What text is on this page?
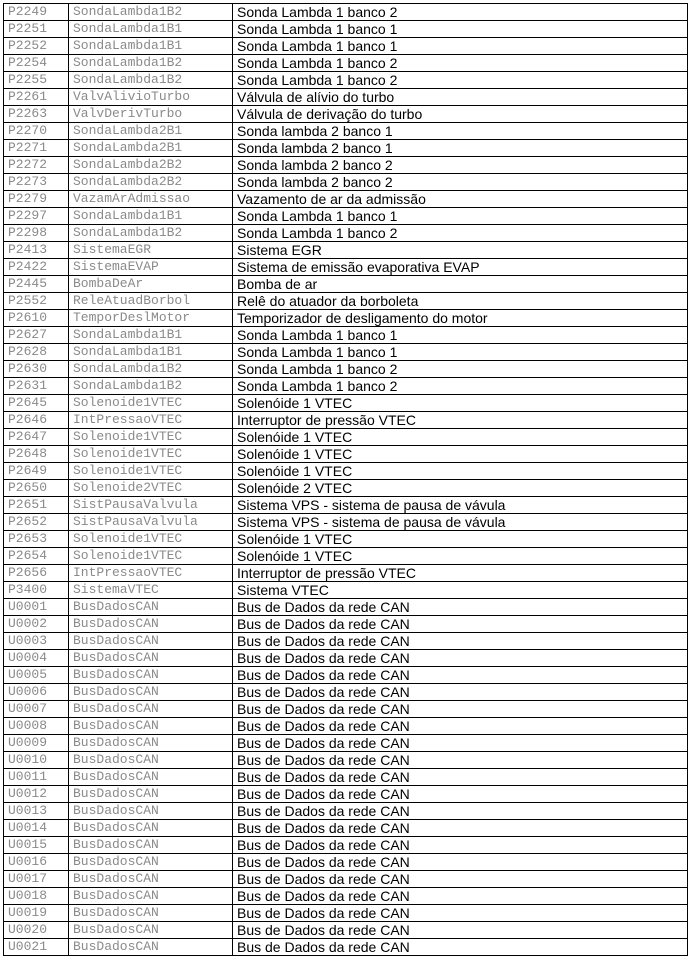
P2249	SondaLambda1B2	Sonda Lambda 1 banco 2
P2251	SondaLambda1B1	Sonda Lambda 1 banco 1
P2252	SondaLambda1B1	Sonda Lambda 1 banco 1
P2254	SondaLambda1B2	Sonda Lambda 1 banco 2
P2255	SondaLambda1B2	Sonda Lambda 1 banco 2
P2261	ValvAlivioTurbo	Válvula de alívio do turbo
P2263	ValvDerivTurbo	Válvula de derivação do turbo
P2270	SondaLambda2B1	Sonda lambda 2 banco 1
P2271	SondaLambda2B1	Sonda lambda 2 banco 1
P2272	SondaLambda2B2	Sonda lambda 2 banco 2
P2273	SondaLambda2B2	Sonda lambda 2 banco 2
P2279	VazamArAdmissao	Vazamento de ar da admissão
P2297	SondaLambda1B1	Sonda Lambda 1 banco 1
P2298	SondaLambda1B2	Sonda Lambda 1 banco 2
P2413	SistemaEGR	Sistema EGR
P2422	SistemaEVAP	Sistema de emissão evaporativa EVAP
P2445	BombaDeAr	Bomba de ar
P2552	ReleAtuadBorbol	Relê do atuador da borboleta
P2610	TemporDeslMotor	Temporizador de desligamento do motor
P2627	SondaLambda1B1	Sonda Lambda 1 banco 1
P2628	SondaLambda1B1	Sonda Lambda 1 banco 1
P2630	SondaLambda1B2	Sonda Lambda 1 banco 2
P2631	SondaLambda1B2	Sonda Lambda 1 banco 2
P2645	Solenoide1VTEC	Solenóide 1 VTEC
P2646	IntPressaoVTEC	Interruptor de pressão VTEC
P2647	Solenoide1VTEC	Solenóide 1 VTEC
P2648	Solenoide1VTEC	Solenóide 1 VTEC
P2649	Solenoide1VTEC	Solenóide 1 VTEC
P2650	Solenoide2VTEC	Solenóide 2 VTEC
P2651	SistPausaValvula	Sistema VPS - sistema de pausa de vávula
P2652	SistPausaValvula	Sistema VPS - sistema de pausa de vávula
P2653	Solenoide1VTEC	Solenóide 1 VTEC
P2654	Solenoide1VTEC	Solenóide 1 VTEC
P2656	IntPressaoVTEC	Interruptor de pressão VTEC
P3400	SistemaVTEC	Sistema VTEC
U0001	BusDadosCAN	Bus de Dados da rede CAN
U0002	BusDadosCAN	Bus de Dados da rede CAN
U0003	BusDadosCAN	Bus de Dados da rede CAN
U0004	BusDadosCAN	Bus de Dados da rede CAN
U0005	BusDadosCAN	Bus de Dados da rede CAN
U0006	BusDadosCAN	Bus de Dados da rede CAN
U0007	BusDadosCAN	Bus de Dados da rede CAN
U0008	BusDadosCAN	Bus de Dados da rede CAN
U0009	BusDadosCAN	Bus de Dados da rede CAN
U0010	BusDadosCAN	Bus de Dados da rede CAN
U0011	BusDadosCAN	Bus de Dados da rede CAN
U0012	BusDadosCAN	Bus de Dados da rede CAN
U0013	BusDadosCAN	Bus de Dados da rede CAN
U0014	BusDadosCAN	Bus de Dados da rede CAN
U0015	BusDadosCAN	Bus de Dados da rede CAN
U0016	BusDadosCAN	Bus de Dados da rede CAN
U0017	BusDadosCAN	Bus de Dados da rede CAN
U0018	BusDadosCAN	Bus de Dados da rede CAN
U0019	BusDadosCAN	Bus de Dados da rede CAN
U0020	BusDadosCAN	Bus de Dados da rede CAN
U0021	BusDadosCAN	Bus de Dados da rede CAN
